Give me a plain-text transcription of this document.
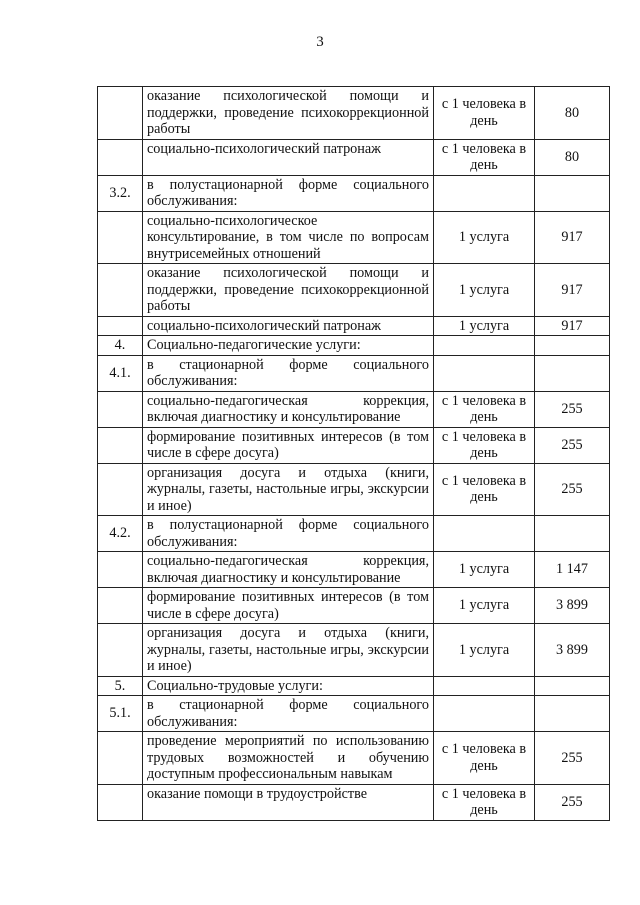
3
	оказание психологической помощи и поддержки, проведение психокоррекционной работы	с 1 человека в день	80
	социально-психологический патронаж	с 1 человека в день	80
3.2.	в полустационарной форме социального обслуживания:		
	социально-психологическое консультирование, в том числе по вопросам внутрисемейных отношений	1 услуга	917
	оказание психологической помощи и поддержки, проведение психокоррекционной работы	1 услуга	917
	социально-психологический патронаж	1 услуга	917
4.	Социально-педагогические услуги:		
4.1.	в стационарной форме социального обслуживания:		
	социально-педагогическая коррекция, включая диагностику и консультирование	с 1 человека в день	255
	формирование позитивных интересов (в том числе в сфере досуга)	с 1 человека в день	255
	организация досуга и отдыха (книги, журналы, газеты, настольные игры, экскурсии и иное)	с 1 человека в день	255
4.2.	в полустационарной форме социального обслуживания:		
	социально-педагогическая коррекция, включая диагностику и консультирование	1 услуга	1 147
	формирование позитивных интересов (в том числе в сфере досуга)	1 услуга	3 899
	организация досуга и отдыха (книги, журналы, газеты, настольные игры, экскурсии и иное)	1 услуга	3 899
5.	Социально-трудовые услуги:		
5.1.	в стационарной форме социального обслуживания:		
	проведение мероприятий по использованию трудовых возможностей и обучению доступным профессиональным навыкам	с 1 человека в день	255
	оказание помощи в трудоустройстве	с 1 человека в день	255
